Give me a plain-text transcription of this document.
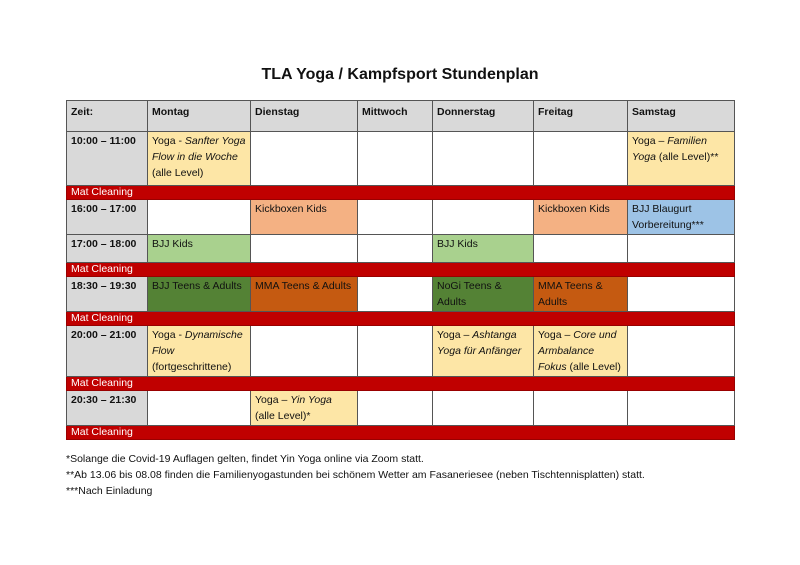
TLA Yoga / Kampfsport Stundenplan
Zeit:	Montag	Dienstag	Mittwoch	Donnerstag	Freitag	Samstag
10:00 – 11:00	Yoga - Sanfter Yoga Flow in die Woche (alle Level)					Yoga – Familien Yoga (alle Level)**
Mat Cleaning						
16:00 – 17:00		Kickboxen Kids			Kickboxen Kids	BJJ Blaugurt Vorbereitung***
17:00 – 18:00	BJJ Kids			BJJ Kids		
Mat Cleaning						
18:30 – 19:30	BJJ Teens & Adults	MMA Teens & Adults		NoGi Teens & Adults	MMA Teens & Adults	
Mat Cleaning						
20:00 – 21:00	Yoga - Dynamische Flow (fortgeschrittene)			Yoga – Ashtanga Yoga für Anfänger	Yoga – Core und Armbalance Fokus (alle Level)	
Mat Cleaning						
20:30 – 21:30		Yoga – Yin Yoga (alle Level)*				
Mat Cleaning						
*Solange die Covid-19 Auflagen gelten, findet Yin Yoga online via Zoom statt.
**Ab 13.06 bis 08.08 finden die Familienyogastunden bei schönem Wetter am Fasaneriesee (neben Tischtennisplatten) statt.
***Nach Einladung
